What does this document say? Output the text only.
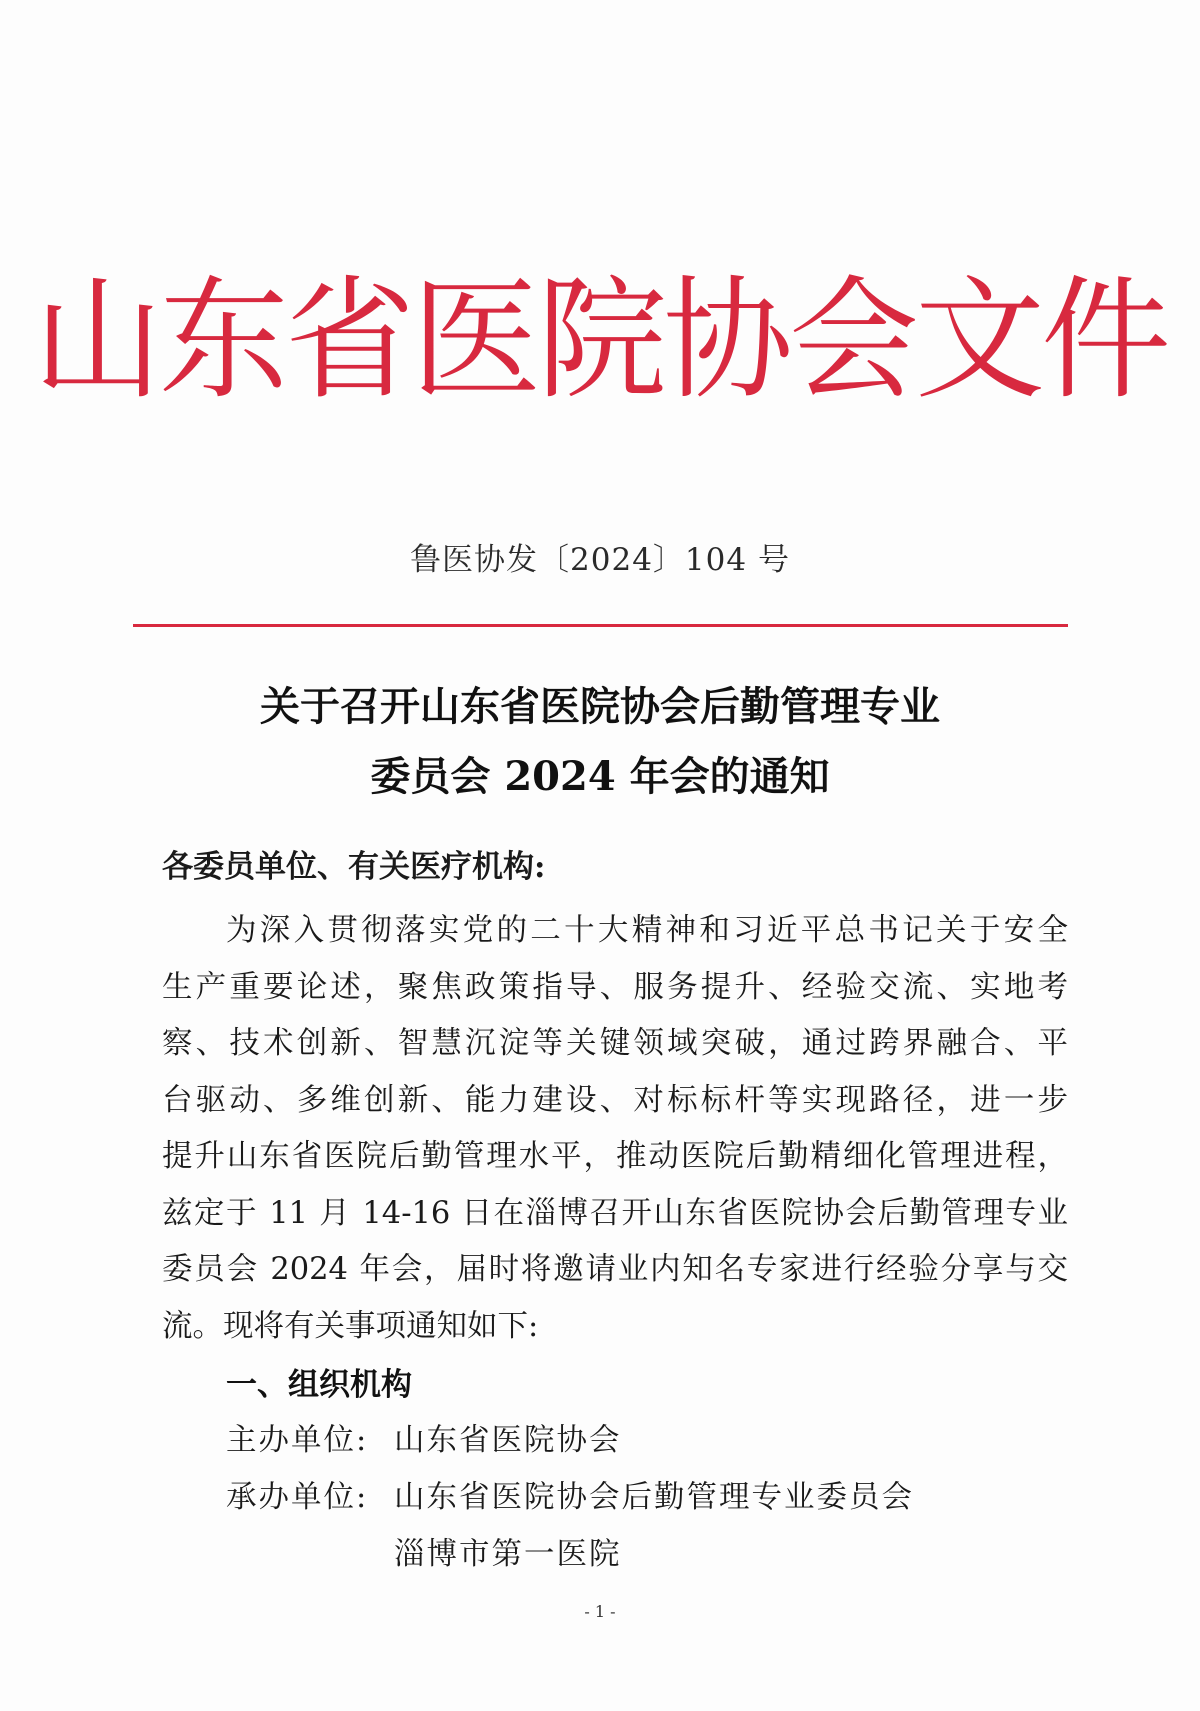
山东省医院协会文件
鲁医协发〔2024〕104 号
关于召开山东省医院协会后勤管理专业
委员会 2024 年会的通知
各委员单位、有关医疗机构:
为深入贯彻落实党的二十大精神和习近平总书记关于安全
生产重要论述，聚焦政策指导、服务提升、经验交流、实地考
察、技术创新、智慧沉淀等关键领域突破，通过跨界融合、平
台驱动、多维创新、能力建设、对标标杆等实现路径，进一步
提升山东省医院后勤管理水平，推动医院后勤精细化管理进程，
兹定于 11 月 14-16 日在淄博召开山东省医院协会后勤管理专业
委员会 2024 年会，届时将邀请业内知名专家进行经验分享与交
流。现将有关事项通知如下:
一、组织机构
主办单位: 山东省医院协会
承办单位: 山东省医院协会后勤管理专业委员会
淄博市第一医院
- 1 -
